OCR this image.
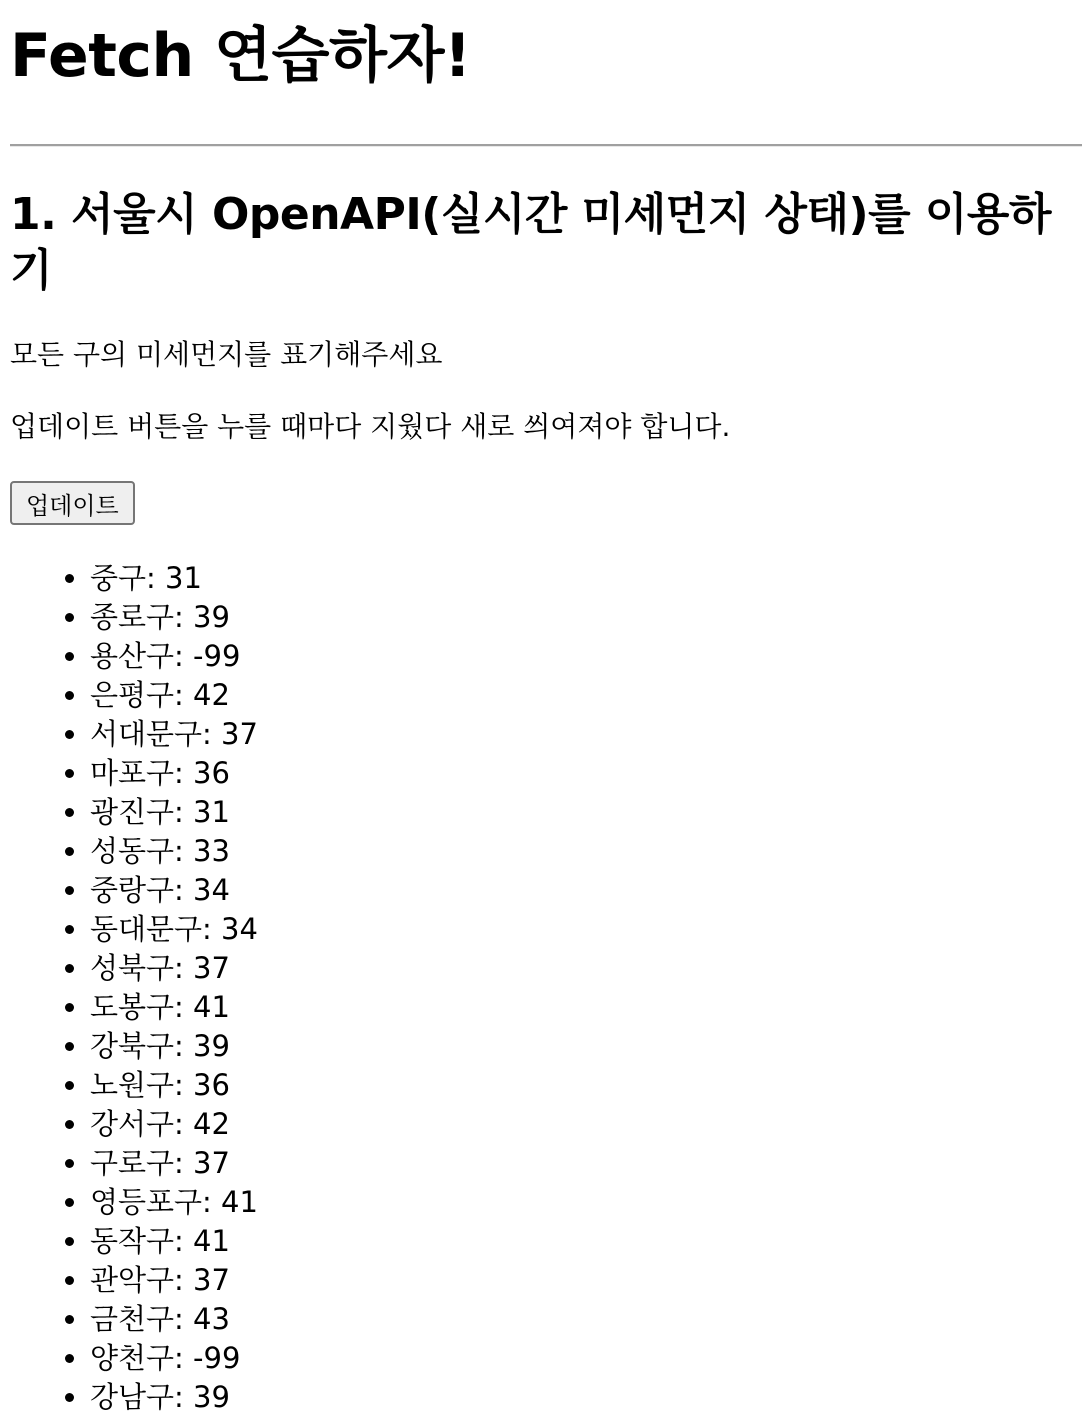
Fetch 연습하자!
1. 서울시 OpenAPI(실시간 미세먼지 상태)를 이용하기

모든 구의 미세먼지를 표기해주세요

업데이트 버튼을 누를 때마다 지웠다 새로 씌여져야 합니다.

업데이트
• 중구: 31
• 종로구: 39
• 용산구: -99
• 은평구: 42
• 서대문구: 37
• 마포구: 36
• 광진구: 31
• 성동구: 33
• 중랑구: 34
• 동대문구: 34
• 성북구: 37
• 도봉구: 41
• 강북구: 39
• 노원구: 36
• 강서구: 42
• 구로구: 37
• 영등포구: 41
• 동작구: 41
• 관악구: 37
• 금천구: 43
• 양천구: -99
• 강남구: 39
